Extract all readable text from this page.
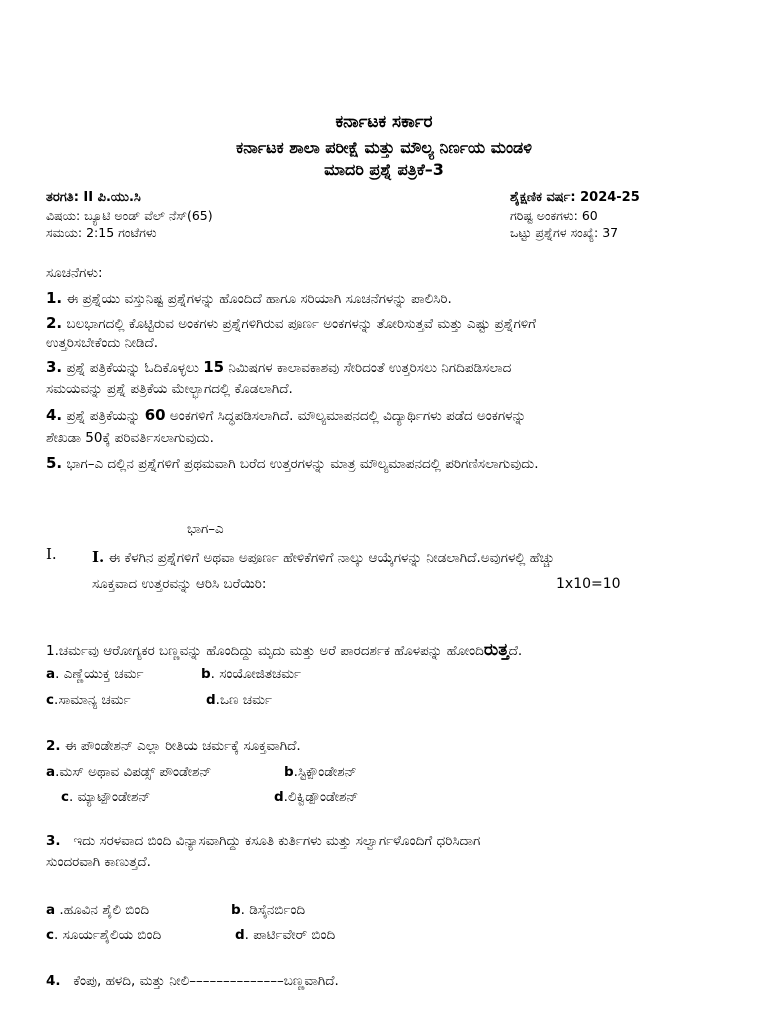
ಕರ್ನಾಟಕ ಸರ್ಕಾರ
ಕರ್ನಾಟಕ ಶಾಲಾ ಪರೀಕ್ಷೆ ಮತ್ತು ಮೌಲ್ಯ ನಿರ್ಣಯ ಮಂಡಳಿ
ಮಾದರಿ ಪ್ರಶ್ನೆ ಪತ್ರಿಕೆ–3
ತರಗತಿ: II ಪಿ.ಯು.ಸಿ	ಶೈಕ್ಷಣಿಕ ವರ್ಷ: 2024-25
ವಿಷಯ: ಬ್ಯೂಟಿ ಅಂಡ್ ವೆಲ್ ನೆಸ್(65)	ಗರಿಷ್ಟ ಅಂಕಗಳು: 60
ಸಮಯ: 2:15 ಗಂಟೆಗಳು	ಒಟ್ಟು ಪ್ರಶ್ನೆಗಳ ಸಂಖ್ಯೆ: 37
ಸೂಚನೆಗಳು:
1. ಈ ಪ್ರಶ್ನೆಯು ವಸ್ತುನಿಷ್ಟ ಪ್ರಶ್ನೆಗಳನ್ನು ಹೊಂದಿದೆ ಹಾಗೂ ಸರಿಯಾಗಿ ಸೂಚನೆಗಳನ್ನು ಪಾಲಿಸಿರಿ.
2. ಬಲಭಾಗದಲ್ಲಿ ಕೊಟ್ಟಿರುವ ಅಂಕಗಳು ಪ್ರಶ್ನೆಗಳಿಗಿರುವ ಪೂರ್ಣ ಅಂಕಗಳನ್ನು ತೋರಿಸುತ್ತವೆ ಮತ್ತು ಎಷ್ಟು ಪ್ರಶ್ನೆಗಳಿಗೆ
ಉತ್ತರಿಸಬೇಕೆಂದು ನೀಡಿದೆ.
3. ಪ್ರಶ್ನೆ ಪತ್ರಿಕೆಯನ್ನು ಓದಿಕೊಳ್ಳಲು 15 ನಿಮಿಷಗಳ ಕಾಲಾವಕಾಶವು ಸೇರಿದಂತೆ ಉತ್ತರಿಸಲು ನಿಗದಿಪಡಿಸಲಾದ
ಸಮಯವನ್ನು ಪ್ರಶ್ನೆ ಪತ್ರಿಕೆಯ ಮೇಲ್ಭಾಗದಲ್ಲಿ ಕೊಡಲಾಗಿದೆ.
4. ಪ್ರಶ್ನೆ ಪತ್ರಿಕೆಯನ್ನು 60 ಅಂಕಗಳಿಗೆ ಸಿದ್ಧಪಡಿಸಲಾಗಿದೆ. ಮೌಲ್ಯಮಾಪನದಲ್ಲಿ ವಿದ್ಯಾರ್ಥಿಗಳು ಪಡೆದ ಅಂಕಗಳನ್ನು
ಶೇಖಡಾ 50ಕ್ಕೆ ಪರಿವರ್ತಿಸಲಾಗುವುದು.
5. ಭಾಗ–ಎ ದಲ್ಲಿನ ಪ್ರಶ್ನೆಗಳಿಗೆ ಪ್ರಥಮವಾಗಿ ಬರೆದ ಉತ್ತರಗಳನ್ನು ಮಾತ್ರ ಮೌಲ್ಯಮಾಪನದಲ್ಲಿ ಪರಿಗಣಿಸಲಾಗುವುದು.
ಭಾಗ–ಎ
I. I. ಈ ಕೆಳಗಿನ ಪ್ರಶ್ನೆಗಳಿಗೆ ಅಥವಾ ಅಪೂರ್ಣ ಹೇಳಿಕೆಗಳಿಗೆ ನಾಲ್ಕು ಆಯ್ಕೆಗಳನ್ನು ನೀಡಲಾಗಿದೆ.ಅವುಗಳಲ್ಲಿ ಹೆಚ್ಚು
ಸೂಕ್ತವಾದ ಉತ್ತರವನ್ನು ಆರಿಸಿ ಬರೆಯಿರಿ:	1x10=10
1.ಚರ್ಮವು ಆರೋಗ್ಯಕರ ಬಣ್ಣವನ್ನು ಹೊಂದಿದ್ದು ಮೃದು ಮತ್ತು ಅರೆ ಪಾರದರ್ಶಕ ಹೊಳಪನ್ನು ಹೋಂದಿರುತ್ತದೆ.
a. ಎಣ್ಣೆಯುಕ್ತ ಚರ್ಮ	b. ಸಂಯೋಜಿತಚರ್ಮ
c.ಸಾಮಾನ್ಯ ಚರ್ಮ	d.ಒಣ ಚರ್ಮ
2. ಈ ಪೌಂಡೇಶನ್ ಎಲ್ಲಾ ರೀತಿಯ ಚರ್ಮಕ್ಕೆ ಸೂಕ್ತವಾಗಿದೆ.
a.ಮಸ್ ಅಥಾವ ವಿಪಡ್ಸ್ ಪೌಂಡೇಶನ್	b.ಸ್ಟಿಕ್ಪೌಂಡೇಶನ್
c. ಮ್ಯಾಟ್ಪೌಂಡೇಶನ್	d.ಲಿಕ್ವಿಡ್ಪೌಂಡೇಶನ್
3. ಇದು ಸರಳವಾದ ಬಿಂದಿ ವಿನ್ಯಾಸವಾಗಿದ್ದು ಕಸೂತಿ ಕುರ್ತಿಗಳು ಮತ್ತು ಸಲ್ವಾರ್ಗಳೊಂದಿಗೆ ಧರಿಸಿದಾಗ
ಸುಂದರವಾಗಿ ಕಾಣುತ್ತದೆ.
a .ಹೂವಿನ ಶೈಲಿ ಬಿಂದಿ	b. ಡಿಸೈನರ್ಬಿಂದಿ
c. ಸೂರ್ಯಶೈಲಿಯ ಬಿಂದಿ	d. ಪಾರ್ಟಿವೇರ್ ಬಿಂದಿ
4. ಕೆಂಪು, ಹಳದಿ, ಮತ್ತು ನೀಲಿ––––––––––––––ಬಣ್ಣವಾಗಿದೆ.
